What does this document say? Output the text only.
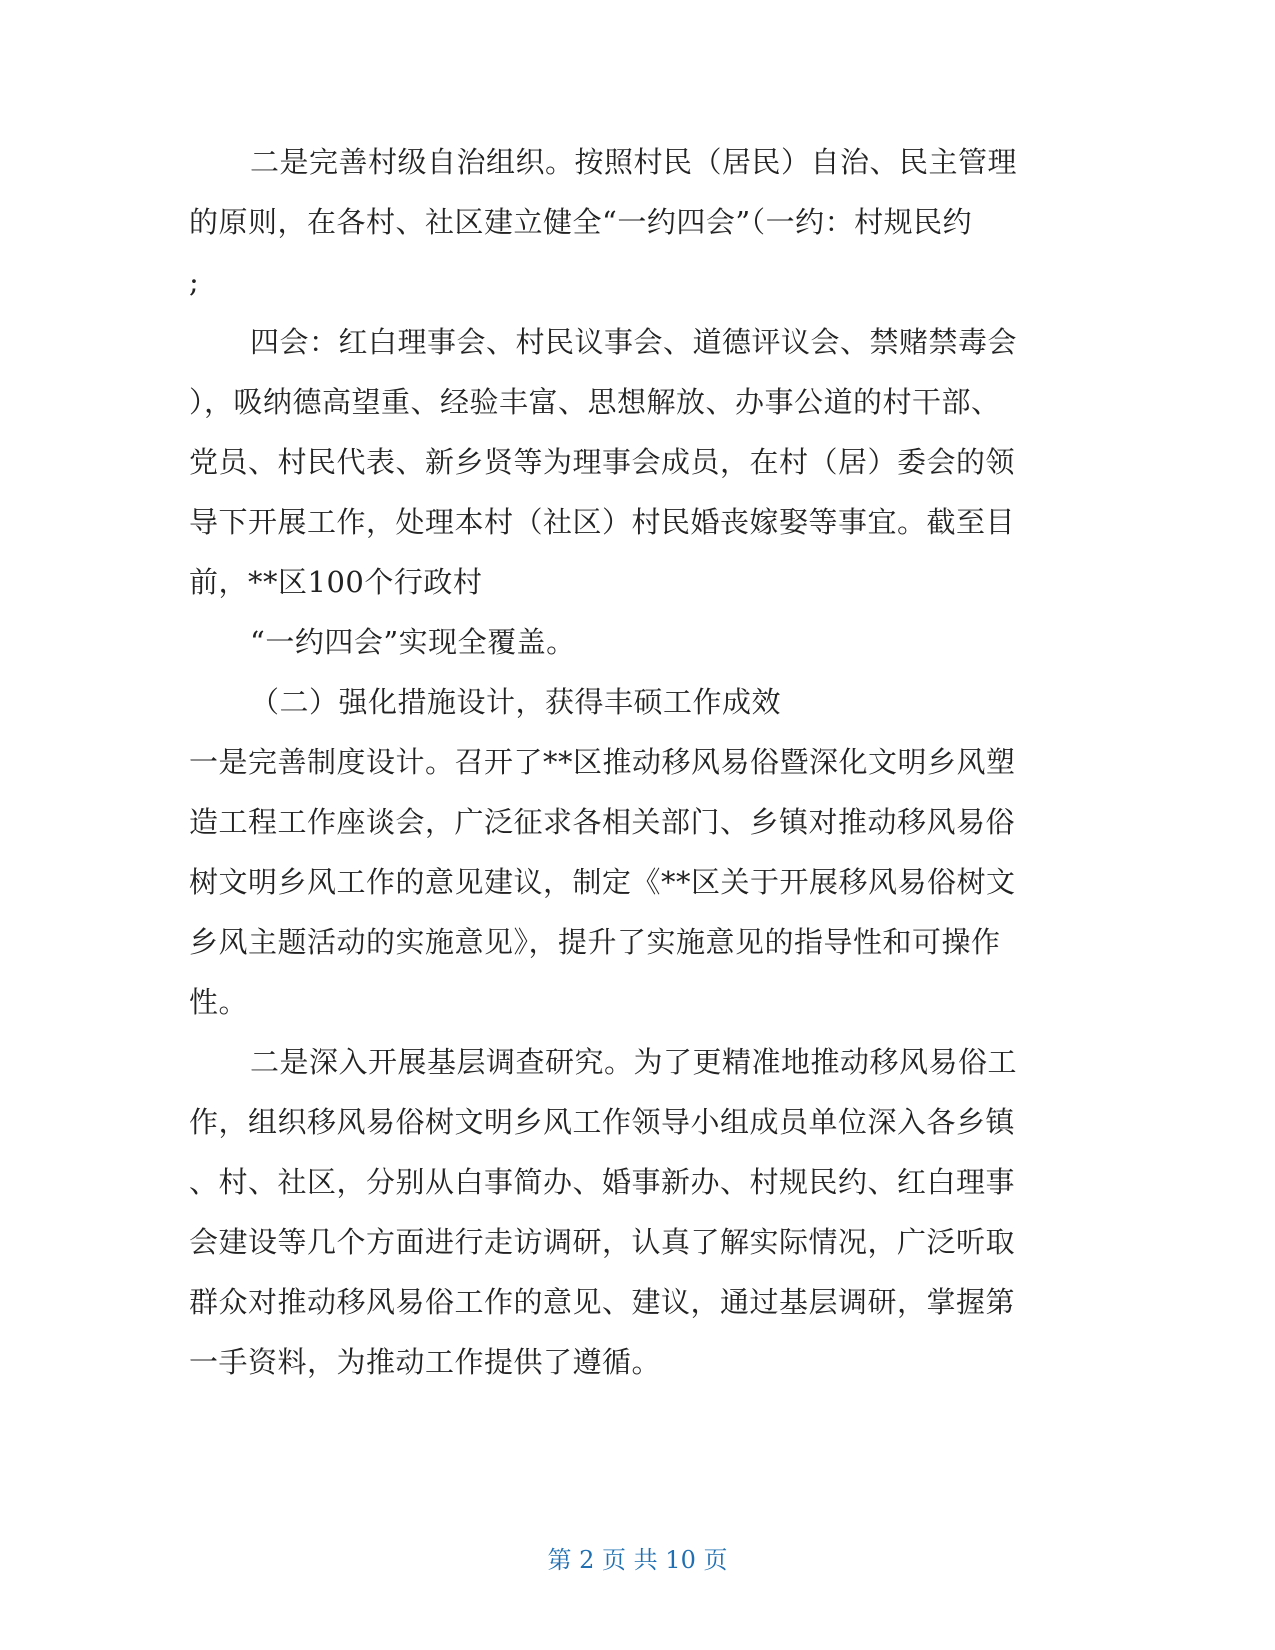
二是完善村级自治组织。按照村民（居民）自治、民主管理
的原则，在各村、社区建立健全“一约四会”（一约：村规民约
;
四会：红白理事会、村民议事会、道德评议会、禁赌禁毒会
），吸纳德高望重、经验丰富、思想解放、办事公道的村干部、
党员、村民代表、新乡贤等为理事会成员，在村（居）委会的领
导下开展工作，处理本村（社区）村民婚丧嫁娶等事宜。截至目
前，**区100个行政村
“一约四会”实现全覆盖。
（二）强化措施设计，获得丰硕工作成效
一是完善制度设计。召开了**区推动移风易俗暨深化文明乡风塑
造工程工作座谈会，广泛征求各相关部门、乡镇对推动移风易俗
树文明乡风工作的意见建议，制定《**区关于开展移风易俗树文
乡风主题活动的实施意见》，提升了实施意见的指导性和可操作
性。
二是深入开展基层调查研究。为了更精准地推动移风易俗工
作，组织移风易俗树文明乡风工作领导小组成员单位深入各乡镇
、村、社区，分别从白事简办、婚事新办、村规民约、红白理事
会建设等几个方面进行走访调研，认真了解实际情况，广泛听取
群众对推动移风易俗工作的意见、建议，通过基层调研，掌握第
一手资料，为推动工作提供了遵循。
第 2 页 共 10 页
